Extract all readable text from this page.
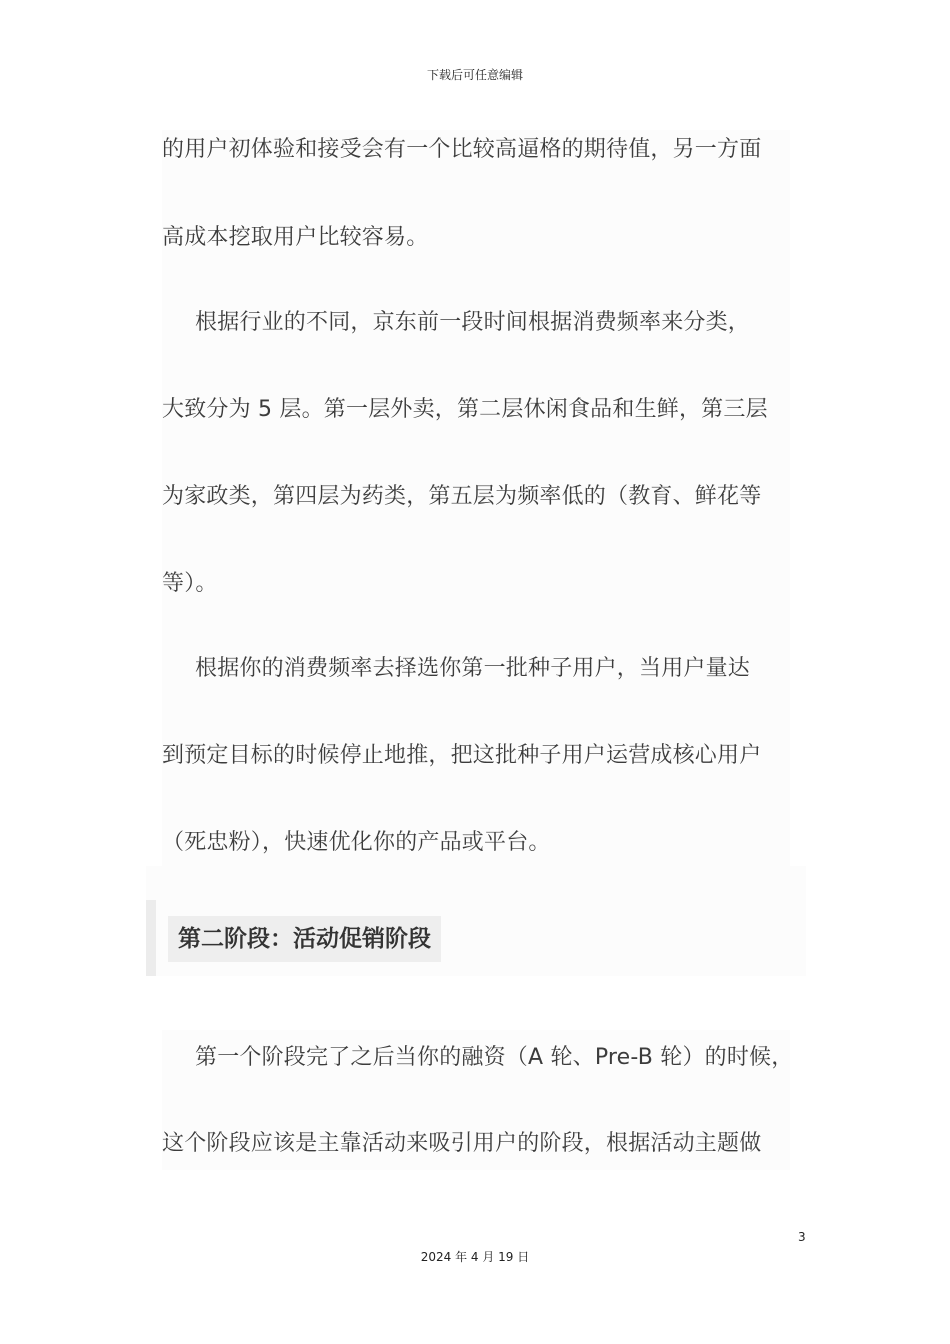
下载后可任意编辑
的用户初体验和接受会有一个比较高逼格的期待值，另一方面
高成本挖取用户比较容易。
根据行业的不同，京东前一段时间根据消费频率来分类，
大致分为 5 层。第一层外卖，第二层休闲食品和生鲜，第三层
为家政类，第四层为药类，第五层为频率低的（教育、鲜花等
等）。
根据你的消费频率去择选你第一批种子用户，当用户量达
到预定目标的时候停止地推，把这批种子用户运营成核心用户
（死忠粉），快速优化你的产品或平台。
第二阶段：活动促销阶段
第一个阶段完了之后当你的融资（A 轮、Pre-B 轮）的时候，
这个阶段应该是主靠活动来吸引用户的阶段，根据活动主题做
3
2024 年 4 月 19 日
